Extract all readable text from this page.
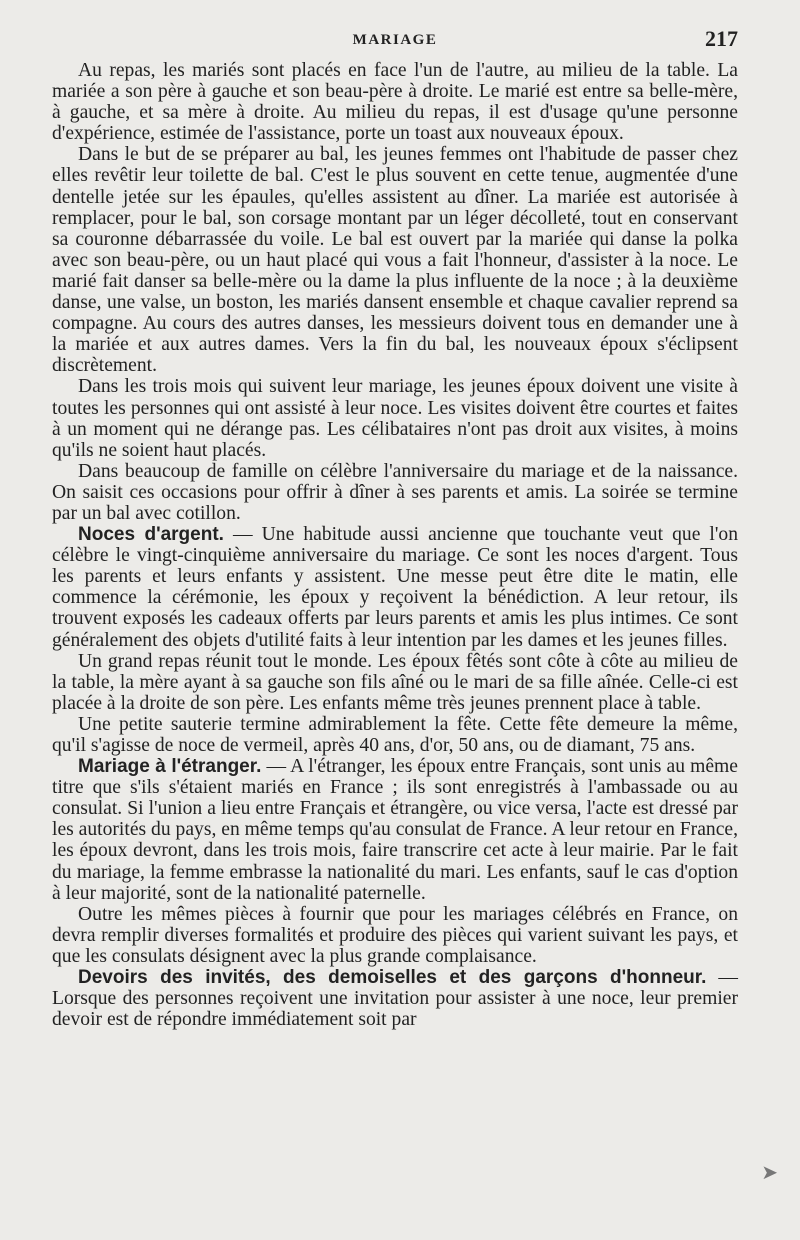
MARIAGE	217

Au repas, les mariés sont placés en face l'un de l'autre, au milieu de la table. La mariée a son père à gauche et son beau-père à droite. Le marié est entre sa belle-mère, à gauche, et sa mère à droite. Au milieu du repas, il est d'usage qu'une personne d'expérience, estimée de l'assistance, porte un toast aux nouveaux époux.

Dans le but de se préparer au bal, les jeunes femmes ont l'habitude de passer chez elles revêtir leur toilette de bal. C'est le plus souvent en cette tenue, augmentée d'une dentelle jetée sur les épaules, qu'elles assistent au dîner. La mariée est autorisée à remplacer, pour le bal, son corsage montant par un léger décolleté, tout en conservant sa couronne débarrassée du voile. Le bal est ouvert par la mariée qui danse la polka avec son beau-père, ou un haut placé qui vous a fait l'honneur, d'assister à la noce. Le marié fait danser sa belle-mère ou la dame la plus influente de la noce ; à la deuxième danse, une valse, un boston, les mariés dansent ensemble et chaque cavalier reprend sa compagne. Au cours des autres danses, les messieurs doivent tous en demander une à la mariée et aux autres dames. Vers la fin du bal, les nouveaux époux s'éclipsent discrètement.

Dans les trois mois qui suivent leur mariage, les jeunes époux doivent une visite à toutes les personnes qui ont assisté à leur noce. Les visites doivent être courtes et faites à un moment qui ne dérange pas. Les célibataires n'ont pas droit aux visites, à moins qu'ils ne soient haut placés.

Dans beaucoup de famille on célèbre l'anniversaire du mariage et de la naissance. On saisit ces occasions pour offrir à dîner à ses parents et amis. La soirée se termine par un bal avec cotillon.

Noces d'argent. — Une habitude aussi ancienne que touchante veut que l'on célèbre le vingt-cinquième anniversaire du mariage. Ce sont les noces d'argent. Tous les parents et leurs enfants y assistent. Une messe peut être dite le matin, elle commence la cérémonie, les époux y reçoivent la bénédiction. A leur retour, ils trouvent exposés les cadeaux offerts par leurs parents et amis les plus intimes. Ce sont généralement des objets d'utilité faits à leur intention par les dames et les jeunes filles.

Un grand repas réunit tout le monde. Les époux fêtés sont côte à côte au milieu de la table, la mère ayant à sa gauche son fils aîné ou le mari de sa fille aînée. Celle-ci est placée à la droite de son père. Les enfants même très jeunes prennent place à table.

Une petite sauterie termine admirablement la fête. Cette fête demeure la même, qu'il s'agisse de noce de vermeil, après 40 ans, d'or, 50 ans, ou de diamant, 75 ans.

Mariage à l'étranger. — A l'étranger, les époux entre Français, sont unis au même titre que s'ils s'étaient mariés en France ; ils sont enregistrés à l'ambassade ou au consulat. Si l'union a lieu entre Français et étrangère, ou vice versa, l'acte est dressé par les autorités du pays, en même temps qu'au consulat de France. A leur retour en France, les époux devront, dans les trois mois, faire transcrire cet acte à leur mairie. Par le fait du mariage, la femme embrasse la nationalité du mari. Les enfants, sauf le cas d'option à leur majorité, sont de la nationalité paternelle.

Outre les mêmes pièces à fournir que pour les mariages célébrés en France, on devra remplir diverses formalités et produire des pièces qui varient suivant les pays, et que les consulats désignent avec la plus grande complaisance.

Devoirs des invités, des demoiselles et des garçons d'honneur. — Lorsque des personnes reçoivent une invitation pour assister à une noce, leur premier devoir est de répondre immédiatement soit par

➤
